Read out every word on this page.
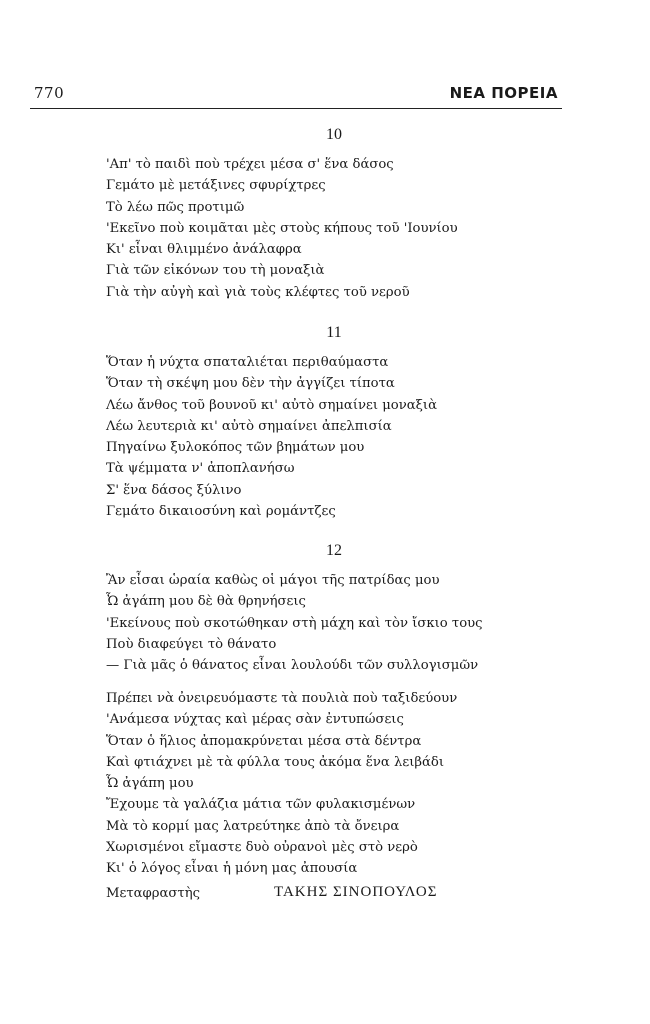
770	ΝΕΑ ΠΟΡΕΙΑ
10
'Απ' τὸ παιδὶ ποὺ τρέχει μέσα σ' ἕνα δάσος
Γεμάτο μὲ μετάξινες σφυρίχτρες
Τὸ λέω πῶς προτιμῶ
'Εκεῖνο ποὺ κοιμᾶται μὲς στοὺς κήπους τοῦ 'Ιουνίου
Κι' εἶναι θλιμμένο ἀνάλαφρα
Γιὰ τῶν εἰκόνων του τὴ μοναξιὰ
Γιὰ τὴν αὐγὴ καὶ γιὰ τοὺς κλέφτες τοῦ νεροῦ
11
Ὅταν ἡ νύχτα σπαταλιέται περιθαύμαστα
Ὅταν τὴ σκέψη μου δὲν τὴν ἀγγίζει τίποτα
Λέω ἄνθος τοῦ βουνοῦ κι' αὐτὸ σημαίνει μοναξιὰ
Λέω λευτεριὰ κι' αὐτὸ σημαίνει ἀπελπισία
Πηγαίνω ξυλοκόπος τῶν βημάτων μου
Τὰ ψέμματα ν' ἀποπλανήσω
Σ' ἕνα δάσος ξύλινο
Γεμάτο δικαιοσύνη καὶ ρομάντζες
12
Ἂν εἶσαι ὡραία καθὼς οἱ μάγοι τῆς πατρίδας μου
Ὦ ἀγάπη μου δὲ θὰ θρηνήσεις
'Εκείνους ποὺ σκοτώθηκαν στὴ μάχη καὶ τὸν ἴσκιο τους
Ποὺ διαφεύγει τὸ θάνατο
— Γιὰ μᾶς ὁ θάνατος εἶναι λουλούδι τῶν συλλογισμῶν
Πρέπει νὰ ὀνειρευόμαστε τὰ πουλιὰ ποὺ ταξιδεύουν
'Ανάμεσα νύχτας καὶ μέρας σὰν ἐντυπώσεις
Ὅταν ὁ ἥλιος ἀπομακρύνεται μέσα στὰ δέντρα
Καὶ φτιάχνει μὲ τὰ φύλλα τους ἀκόμα ἕνα λειβάδι
Ὦ ἀγάπη μου
Ἔχουμε τὰ γαλάζια μάτια τῶν φυλακισμένων
Μὰ τὸ κορμί μας λατρεύτηκε ἀπὸ τὰ ὄνειρα
Χωρισμένοι εἴμαστε δυὸ οὐρανοὶ μὲς στὸ νερὸ
Κι' ὁ λόγος εἶναι ἡ μόνη μας ἀπουσία
Μεταφραστὴς	ΤΑΚΗΣ ΣΙΝΟΠΟΥΛΟΣ
